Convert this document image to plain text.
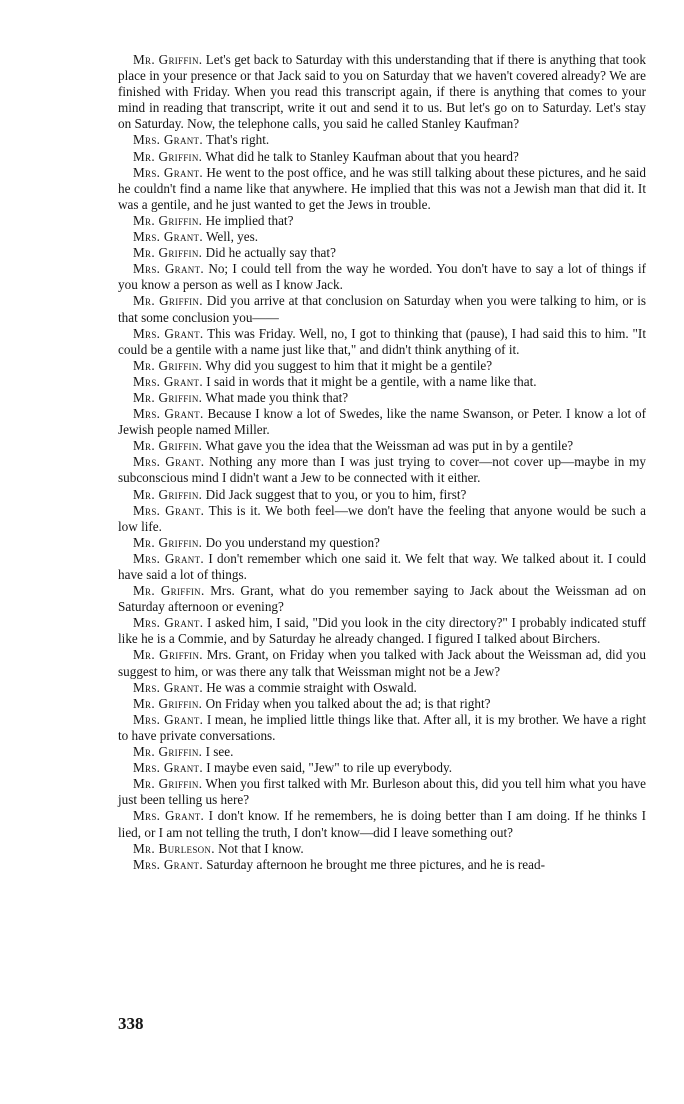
Mr. Griffin. Let's get back to Saturday with this understanding that if there is anything that took place in your presence or that Jack said to you on Saturday that we haven't covered already? We are finished with Friday. When you read this transcript again, if there is anything that comes to your mind in reading that transcript, write it out and send it to us. But let's go on to Saturday. Let's stay on Saturday. Now, the telephone calls, you said he called Stanley Kaufman?

Mrs. Grant. That's right.

Mr. Griffin. What did he talk to Stanley Kaufman about that you heard?

Mrs. Grant. He went to the post office, and he was still talking about these pictures, and he said he couldn't find a name like that anywhere. He implied that this was not a Jewish man that did it. It was a gentile, and he just wanted to get the Jews in trouble.

Mr. Griffin. He implied that?

Mrs. Grant. Well, yes.

Mr. Griffin. Did he actually say that?

Mrs. Grant. No; I could tell from the way he worded. You don't have to say a lot of things if you know a person as well as I know Jack.

Mr. Griffin. Did you arrive at that conclusion on Saturday when you were talking to him, or is that some conclusion you——

Mrs. Grant. This was Friday. Well, no, I got to thinking that (pause), I had said this to him. "It could be a gentile with a name just like that," and didn't think anything of it.

Mr. Griffin. Why did you suggest to him that it might be a gentile?

Mrs. Grant. I said in words that it might be a gentile, with a name like that.

Mr. Griffin. What made you think that?

Mrs. Grant. Because I know a lot of Swedes, like the name Swanson, or Peter. I know a lot of Jewish people named Miller.

Mr. Griffin. What gave you the idea that the Weissman ad was put in by a gentile?

Mrs. Grant. Nothing any more than I was just trying to cover—not cover up—maybe in my subconscious mind I didn't want a Jew to be connected with it either.

Mr. Griffin. Did Jack suggest that to you, or you to him, first?

Mrs. Grant. This is it. We both feel—we don't have the feeling that anyone would be such a low life.

Mr. Griffin. Do you understand my question?

Mrs. Grant. I don't remember which one said it. We felt that way. We talked about it. I could have said a lot of things.

Mr. Griffin. Mrs. Grant, what do you remember saying to Jack about the Weissman ad on Saturday afternoon or evening?

Mrs. Grant. I asked him, I said, "Did you look in the city directory?" I probably indicated stuff like he is a Commie, and by Saturday he already changed. I figured I talked about Birchers.

Mr. Griffin. Mrs. Grant, on Friday when you talked with Jack about the Weissman ad, did you suggest to him, or was there any talk that Weissman might not be a Jew?

Mrs. Grant. He was a commie straight with Oswald.

Mr. Griffin. On Friday when you talked about the ad; is that right?

Mrs. Grant. I mean, he implied little things like that. After all, it is my brother. We have a right to have private conversations.

Mr. Griffin. I see.

Mrs. Grant. I maybe even said, "Jew" to rile up everybody.

Mr. Griffin. When you first talked with Mr. Burleson about this, did you tell him what you have just been telling us here?

Mrs. Grant. I don't know. If he remembers, he is doing better than I am doing. If he thinks I lied, or I am not telling the truth, I don't know—did I leave something out?

Mr. Burleson. Not that I know.

Mrs. Grant. Saturday afternoon he brought me three pictures, and he is read-

338
